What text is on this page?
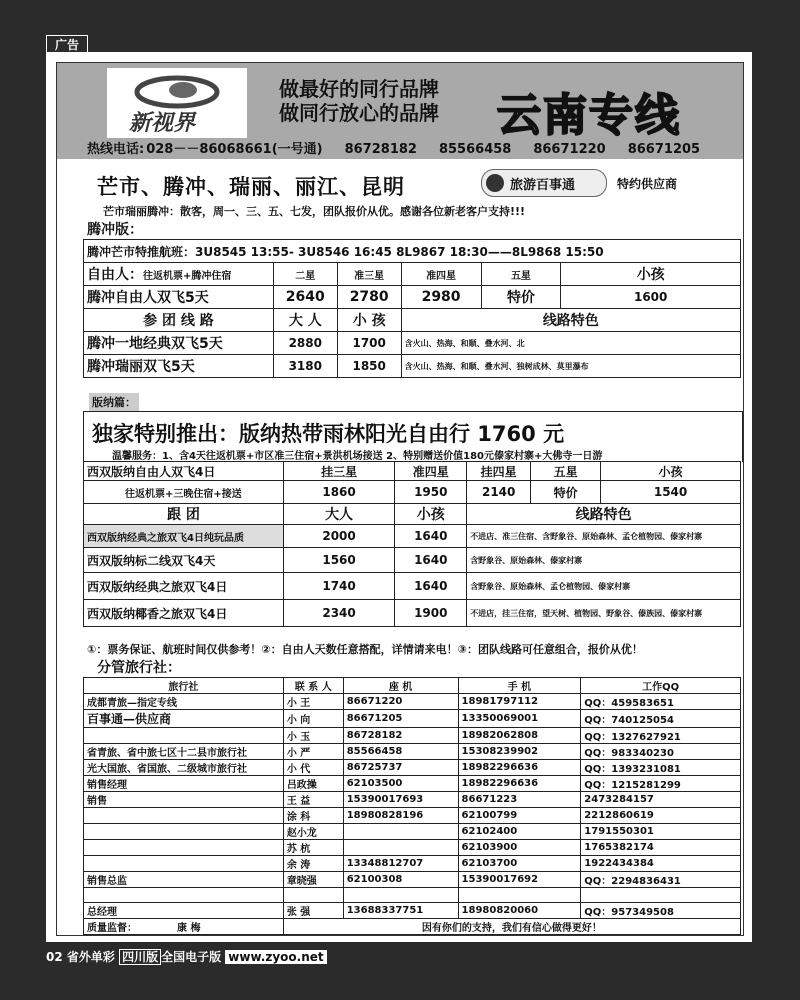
广告
新视界
做最好的同行品牌
做同行放心的品牌 云南专线
热线电话: 028－－86068661(一号通) 86728182 85566458 86671220 86671205
芒市、腾冲、瑞丽、丽江、昆明	旅游百事通	特约供应商
芒市瑞丽腾冲：散客，周一、三、五、七发，团队报价从优。感谢各位新老客户支持!!!
腾冲版：
腾冲芒市特推航班：3U8545 13:55- 3U8546 16:45 8L9867 18:30——8L9868 15:50					
自由人：往返机票+腾冲住宿	二星	准三星	准四星	五星	小孩
腾冲自由人双飞5天	2640	2780	2980	特价	1600
参 团 线 路	大 人	小 孩	线路特色		
腾冲一地经典双飞5天	2880	1700	含火山、热海、和顺、叠水河、北		
腾冲瑞丽双飞5天	3180	1850	含火山、热海、和顺、叠水河、独树成林、莫里瀑布		
版纳篇：
独家特别推出：版纳热带雨林阳光自由行 1760 元
温馨服务：1、含4天往返机票+市区准三住宿+景洪机场接送 2、特别赠送价值180元傣家村寨+大佛寺一日游
西双版纳自由人双飞4日	挂三星	准四星	挂四星	五星	小孩
往返机票+三晚住宿+接送	1860	1950	2140	特价	1540
跟 团	大人	小孩	线路特色		
西双版纳经典之旅双飞4日纯玩品质	2000	1640	不进店、准三住宿、含野象谷、原始森林、孟仑植物园、傣家村寨		
西双版纳标二线双飞4天	1560	1640	含野象谷、原始森林、傣家村寨		
西双版纳经典之旅双飞4日	1740	1640	含野象谷、原始森林、孟仑植物园、傣家村寨		
西双版纳椰香之旅双飞4日	2340	1900	不进店，挂三住宿，望天树、植物园、野象谷、傣族园、傣家村寨		
①：票务保证、航班时间仅供参考！②：自由人天数任意搭配，详情请来电！③：团队线路可任意组合，报价从优！
分管旅行社：
旅行社	联 系 人	座 机	手 机	工作QQ
成都青旅—指定专线	小 王	86671220	18981797112	QQ：459583651
百事通—供应商	小 向	86671205	13350069001	QQ：740125054
	小 玉	86728182	18982062808	QQ：1327627921
省青旅、省中旅七区十二县市旅行社	小 严	85566458	15308239902	QQ：983340230
光大国旅、省国旅、二级城市旅行社	小 代	86725737	18982296636	QQ：1393231081
销售经理	吕政操	62103500	18982296636	QQ：1215281299
销售	王 益	15390017693	86671223	2473284157
	涂 科	18980828196	62100799	2212860619
	赵小龙		62102400	1791550301
	苏 杭		62103900	1765382174
	余 涛	13348812707	62103700	1922434384
销售总监	章晓强	62100308	15390017692	QQ：2294836431

总经理	张 强	13688337751	18980820060	QQ：957349508
质量监督： 康 梅	因有你们的支持，我们有信心做得更好！			
02 省外单彩 四川版 全国电子版 www.zyoo.net
